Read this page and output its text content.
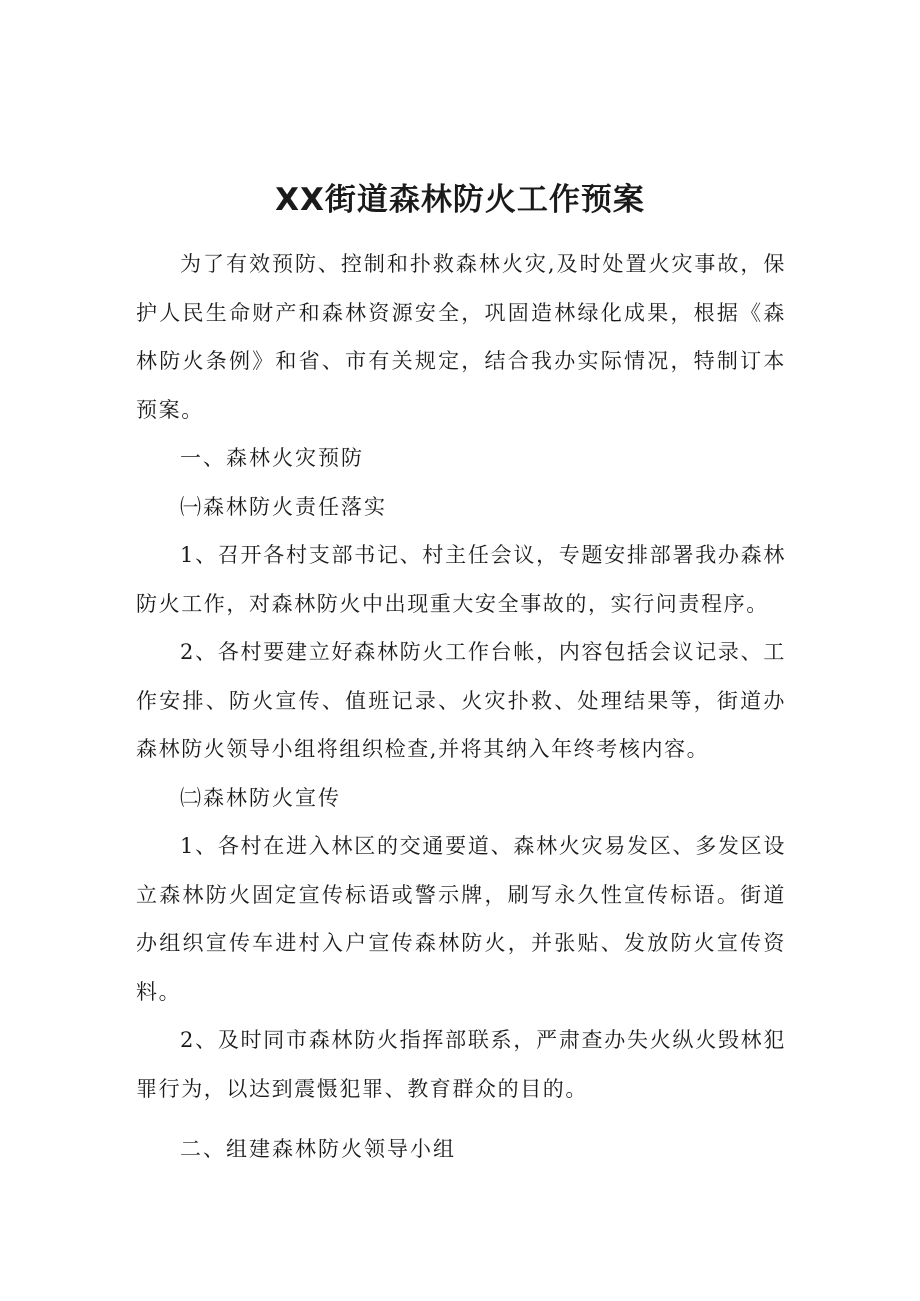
XX街道森林防火工作预案

为了有效预防、控制和扑救森林火灾,及时处置火灾事故，保护人民生命财产和森林资源安全，巩固造林绿化成果，根据《森林防火条例》和省、市有关规定，结合我办实际情况，特制订本预案。

一、森林火灾预防

㈠森林防火责任落实

1、召开各村支部书记、村主任会议，专题安排部署我办森林防火工作，对森林防火中出现重大安全事故的，实行问责程序。

2、各村要建立好森林防火工作台帐，内容包括会议记录、工作安排、防火宣传、值班记录、火灾扑救、处理结果等，街道办森林防火领导小组将组织检查,并将其纳入年终考核内容。

㈡森林防火宣传

1、各村在进入林区的交通要道、森林火灾易发区、多发区设立森林防火固定宣传标语或警示牌，刷写永久性宣传标语。街道办组织宣传车进村入户宣传森林防火，并张贴、发放防火宣传资料。

2、及时同市森林防火指挥部联系，严肃查办失火纵火毁林犯罪行为，以达到震慑犯罪、教育群众的目的。

二、组建森林防火领导小组
